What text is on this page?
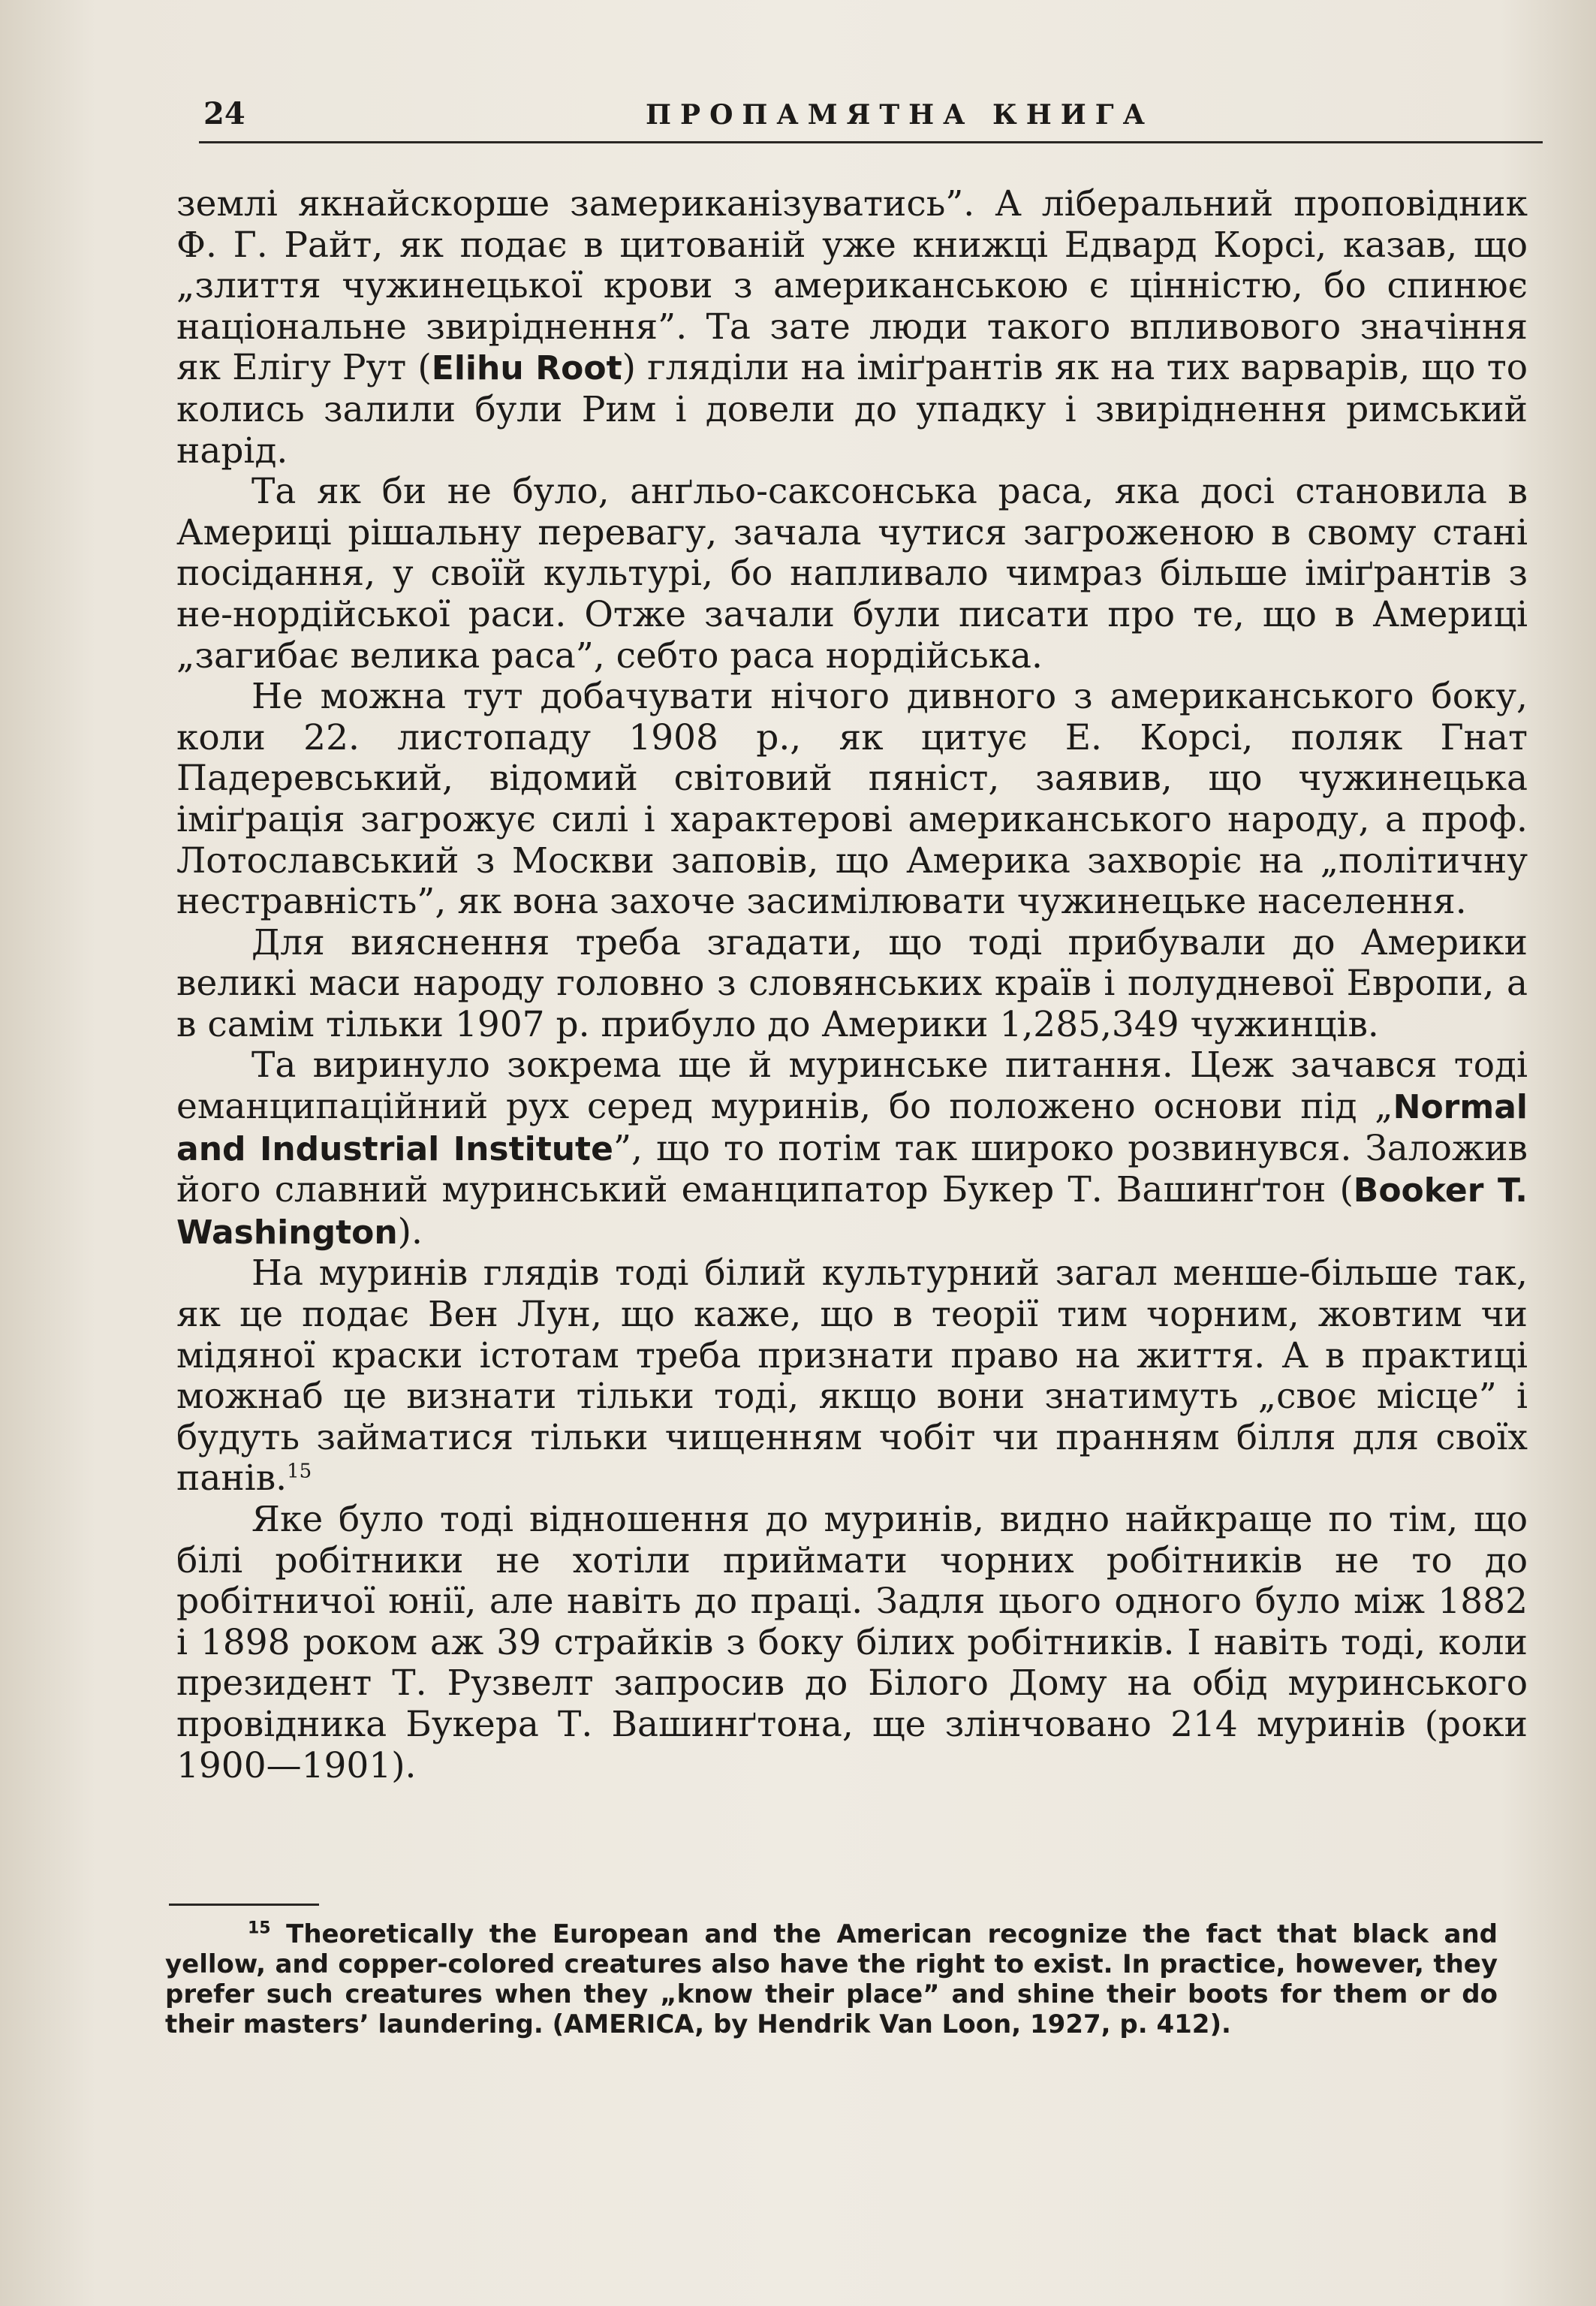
24	ПРОПАМЯТНА КНИГА

землі якнайскорше замериканізуватись”. А ліберальний проповідник Ф. Г. Райт, як подає в цитованій уже книжці Едвард Корсі, казав, що „злиття чужинецької крови з американською є цінністю, бо спинює національне звиріднення”. Та зате люди такого впливового значіння як Елігу Рут (Elihu Root) гляділи на іміґрантів як на тих варварів, що то колись залили були Рим і довели до упадку і звиріднення римський нарід.

Та як би не було, анґльо-саксонська раса, яка досі становила в Америці рішальну перевагу, зачала чутися загроженою в свому стані посідання, у своїй культурі, бо напливало чимраз більше іміґрантів з не-нордійської раси. Отже зачали були писати про те, що в Америці „загибає велика раса”, себто раса нордійська.

Не можна тут добачувати нічого дивного з американського боку, коли 22. листопаду 1908 р., як цитує Е. Корсі, поляк Гнат Падеревський, відомий світовий пяніст, заявив, що чужинецька іміґрація загрожує силі і характерові американського народу, а проф. Лотославський з Москви заповів, що Америка захворіє на „політичну нестравність”, як вона захоче засимілювати чужинецьке населення.

Для вияснення треба згадати, що тоді прибували до Америки великі маси народу головно з словянських країв і полудневої Европи, а в самім тільки 1907 р. прибуло до Америки 1,285,349 чужинців.

Та виринуло зокрема ще й муринське питання. Цеж зачався тоді еманципаційний рух серед муринів, бо положено основи під „Normal and Industrial Institute”, що то потім так широко розвинувся. Заложив його славний муринський еманципатор Букер Т. Вашинґтон (Booker T. Washington).

На муринів глядів тоді білий культурний загал менше-більше так, як це подає Вен Лун, що каже, що в теорії тим чорним, жовтим чи мідяної краски істотам треба признати право на життя. А в практиці можнаб це визнати тільки тоді, якщо вони знатимуть „своє місце” і будуть займатися тільки чищенням чобіт чи пранням білля для своїх панів.$^{15}$

Яке було тоді відношення до муринів, видно найкраще по тім, що білі робітники не хотіли приймати чорних робітників не то до робітничої юнії, але навіть до праці. Задля цього одного було між 1882 і 1898 роком аж 39 страйків з боку білих робітників. І навіть тоді, коли президент Т. Рузвелт запросив до Білого Дому на обід муринського провідника Букера Т. Вашинґтона, ще злінчовано 214 муринів (роки 1900—1901).

$^{15}$ Theoretically the European and the American recognize the fact that black and yellow, and copper-colored creatures also have the right to exist. In practice, however, they prefer such creatures when they „know their place” and shine their boots for them or do their masters’ laundering. (AMERICA, by Hendrik Van Loon, 1927, p. 412).
